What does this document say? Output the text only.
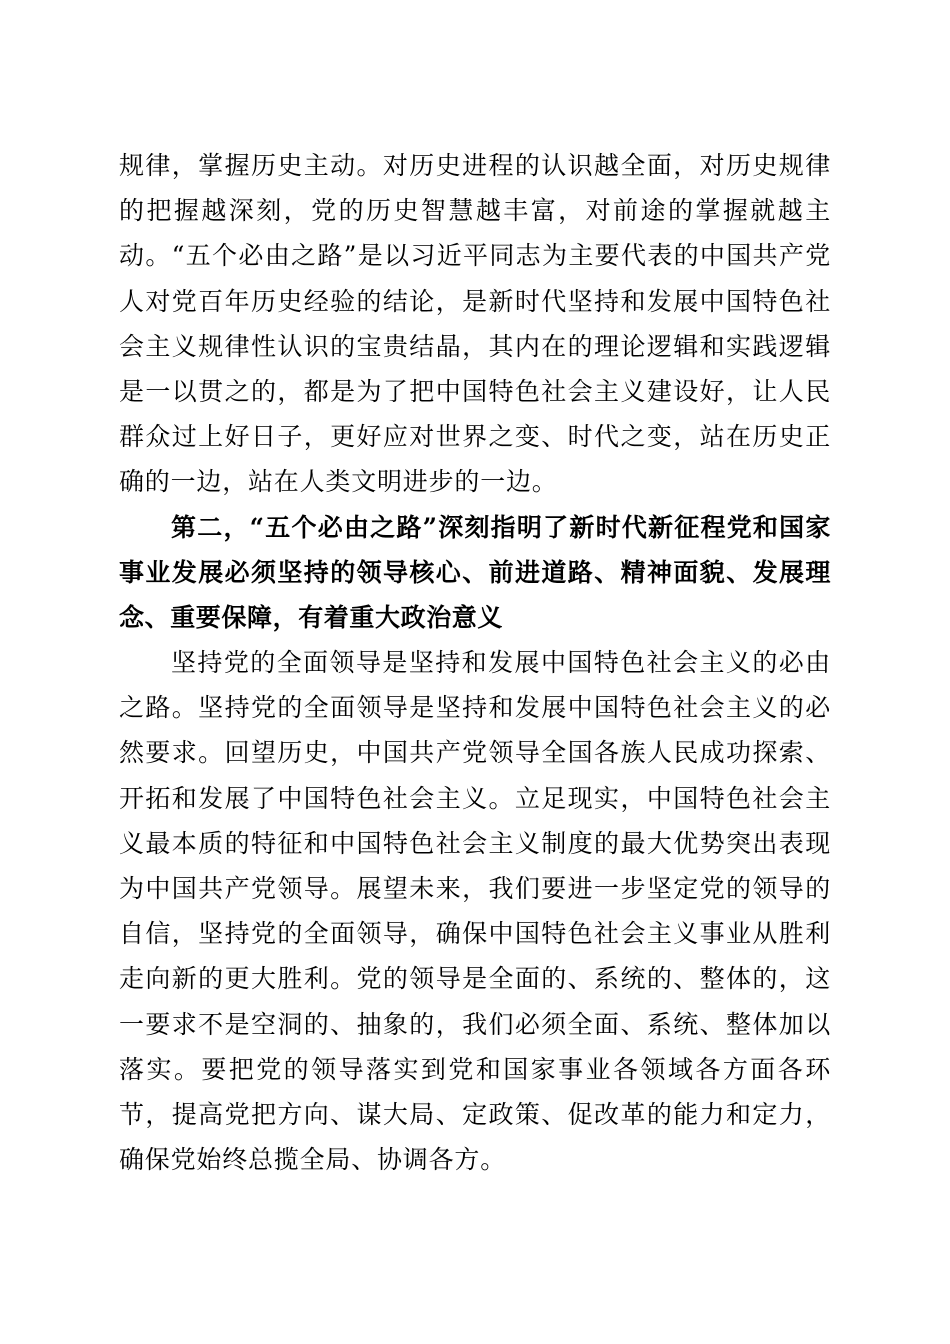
规律，掌握历史主动。对历史进程的认识越全面，对历史规律的把握越深刻，党的历史智慧越丰富，对前途的掌握就越主动。“五个必由之路”是以习近平同志为主要代表的中国共产党人对党百年历史经验的结论，是新时代坚持和发展中国特色社会主义规律性认识的宝贵结晶，其内在的理论逻辑和实践逻辑是一以贯之的，都是为了把中国特色社会主义建设好，让人民群众过上好日子，更好应对世界之变、时代之变，站在历史正确的一边，站在人类文明进步的一边。

第二，“五个必由之路”深刻指明了新时代新征程党和国家事业发展必须坚持的领导核心、前进道路、精神面貌、发展理念、重要保障，有着重大政治意义

坚持党的全面领导是坚持和发展中国特色社会主义的必由之路。坚持党的全面领导是坚持和发展中国特色社会主义的必然要求。回望历史，中国共产党领导全国各族人民成功探索、开拓和发展了中国特色社会主义。立足现实，中国特色社会主义最本质的特征和中国特色社会主义制度的最大优势突出表现为中国共产党领导。展望未来，我们要进一步坚定党的领导的自信，坚持党的全面领导，确保中国特色社会主义事业从胜利走向新的更大胜利。党的领导是全面的、系统的、整体的，这一要求不是空洞的、抽象的，我们必须全面、系统、整体加以落实。要把党的领导落实到党和国家事业各领域各方面各环节，提高党把方向、谋大局、定政策、促改革的能力和定力，确保党始终总揽全局、协调各方。
